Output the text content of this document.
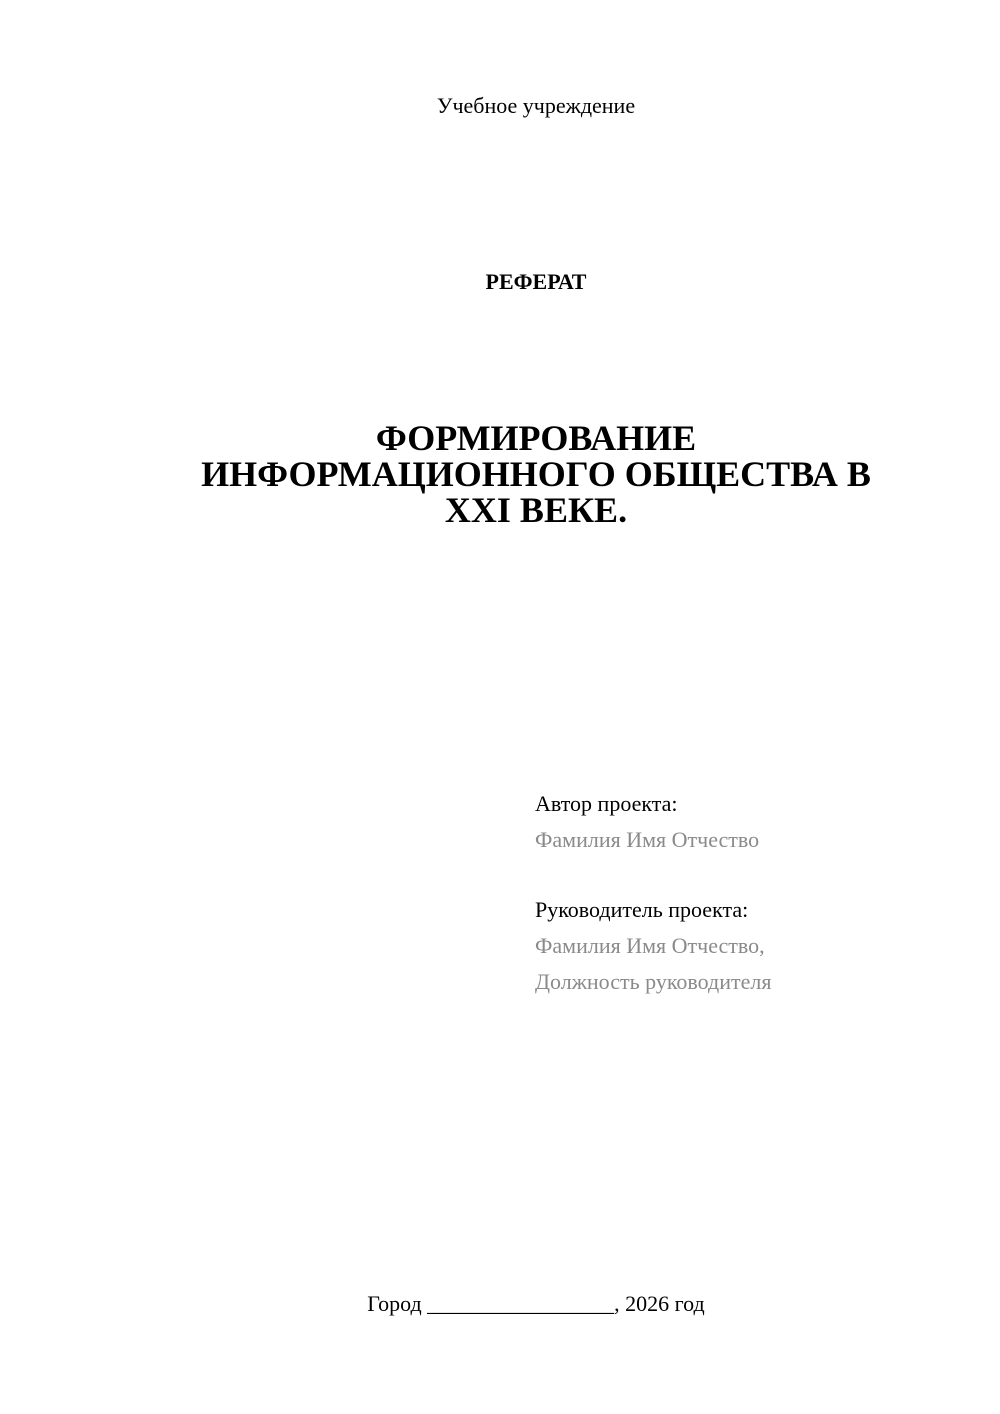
Учебное учреждение
РЕФЕРАТ
ФОРМИРОВАНИЕ
ИНФОРМАЦИОННОГО ОБЩЕСТВА В
XXI ВЕКЕ.
Автор проекта:
Фамилия Имя Отчество
Руководитель проекта:
Фамилия Имя Отчество,
Должность руководителя
Город _________________, 2026 год
